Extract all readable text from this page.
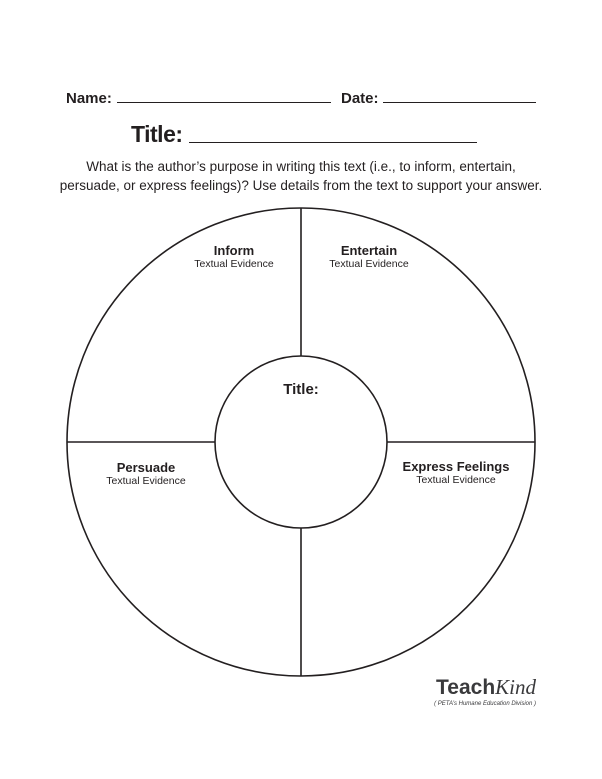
Name:	Date:
Title:
What is the author’s purpose in writing this text (i.e., to inform, entertain,
persuade, or express feelings)? Use details from the text to support your answer.
Title:
Inform
Textual Evidence
Entertain
Textual Evidence
Persuade
Textual Evidence
Express Feelings
Textual Evidence
TeachKind
( PETA’s Humane Education Division )
